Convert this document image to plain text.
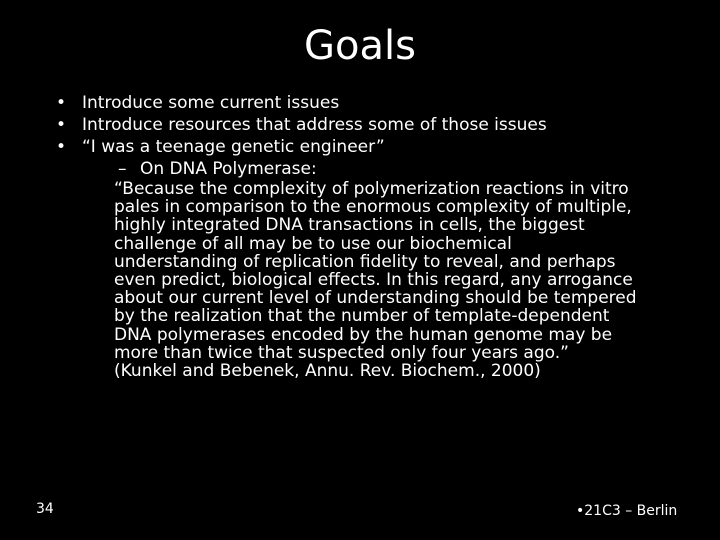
Goals
• Introduce some current issues
• Introduce resources that address some of those issues
• “I was a teenage genetic engineer”
– On DNA Polymerase:
“Because the complexity of polymerization reactions in vitro
pales in comparison to the enormous complexity of multiple,
highly integrated DNA transactions in cells, the biggest
challenge of all may be to use our biochemical
understanding of replication fidelity to reveal, and perhaps
even predict, biological effects. In this regard, any arrogance
about our current level of understanding should be tempered
by the realization that the number of template-dependent
DNA polymerases encoded by the human genome may be
more than twice that suspected only four years ago.”
(Kunkel and Bebenek, Annu. Rev. Biochem., 2000)
34	•21C3 – Berlin
